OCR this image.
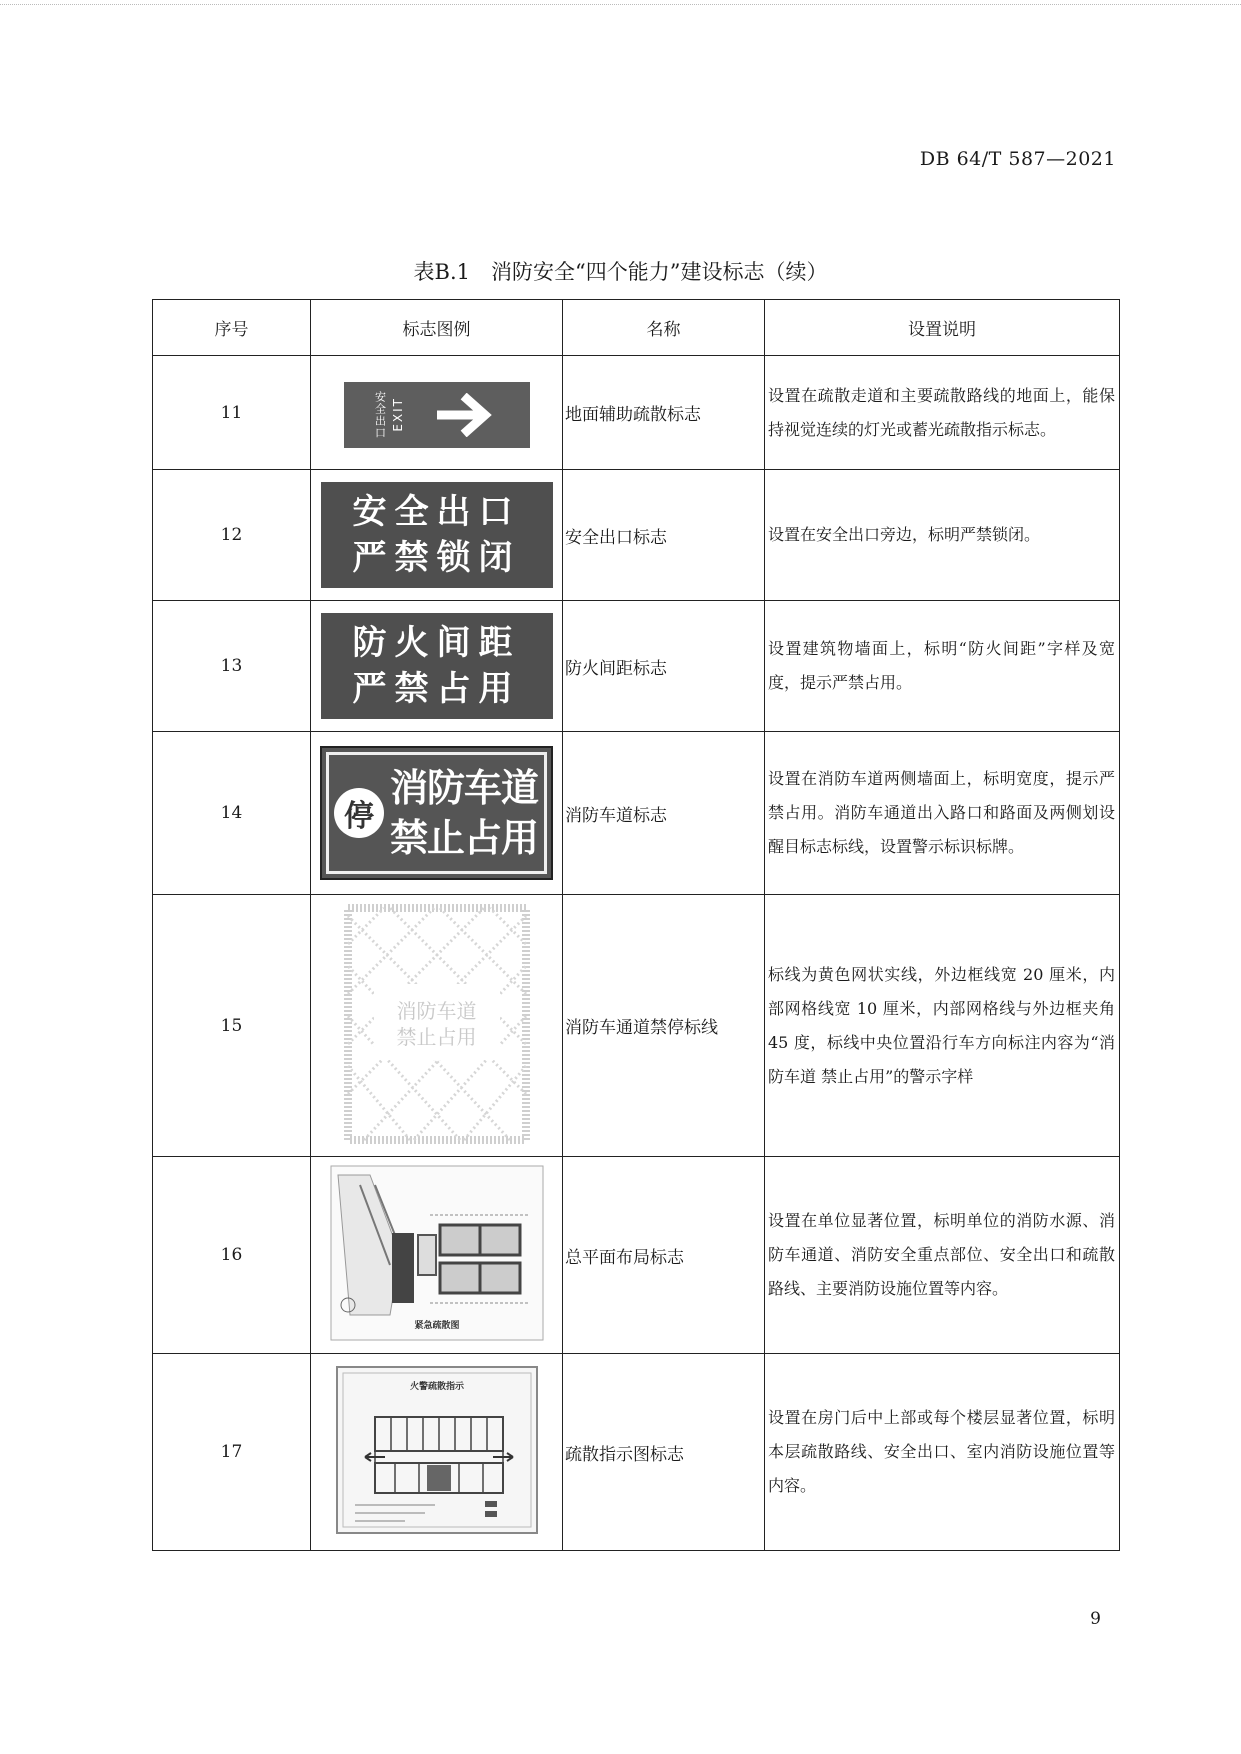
DB 64/T 587—2021
表B.1　消防安全“四个能力”建设标志（续）
序号	标志图例	名称	设置说明
11	安全出口 EXIT	地面辅助疏散标志	设置在疏散走道和主要疏散路线的地面上，能保持视觉连续的灯光或蓄光疏散指示标志。
12	安全出口
严禁锁闭	安全出口标志	设置在安全出口旁边，标明严禁锁闭。
13	防火间距
严禁占用	防火间距标志	设置建筑物墙面上，标明“防火间距”字样及宽度，提示严禁占用。
14	停
消防车道
禁止占用	消防车道标志	设置在消防车道两侧墙面上，标明宽度，提示严禁占用。消防车通道出入路口和路面及两侧划设醒目标志标线，设置警示标识标牌。
15	消防车道
禁止占用	消防车通道禁停标线	标线为黄色网状实线，外边框线宽 20 厘米，内部网格线宽 10 厘米，内部网格线与外边框夹角 45 度，标线中央位置沿行车方向标注内容为“消防车道 禁止占用”的警示字样
16	紧急疏散图	总平面布局标志	设置在单位显著位置，标明单位的消防水源、消防车通道、消防安全重点部位、安全出口和疏散路线、主要消防设施位置等内容。
17	火警疏散指示	疏散指示图标志	设置在房门后中上部或每个楼层显著位置，标明本层疏散路线、安全出口、室内消防设施位置等内容。
9
